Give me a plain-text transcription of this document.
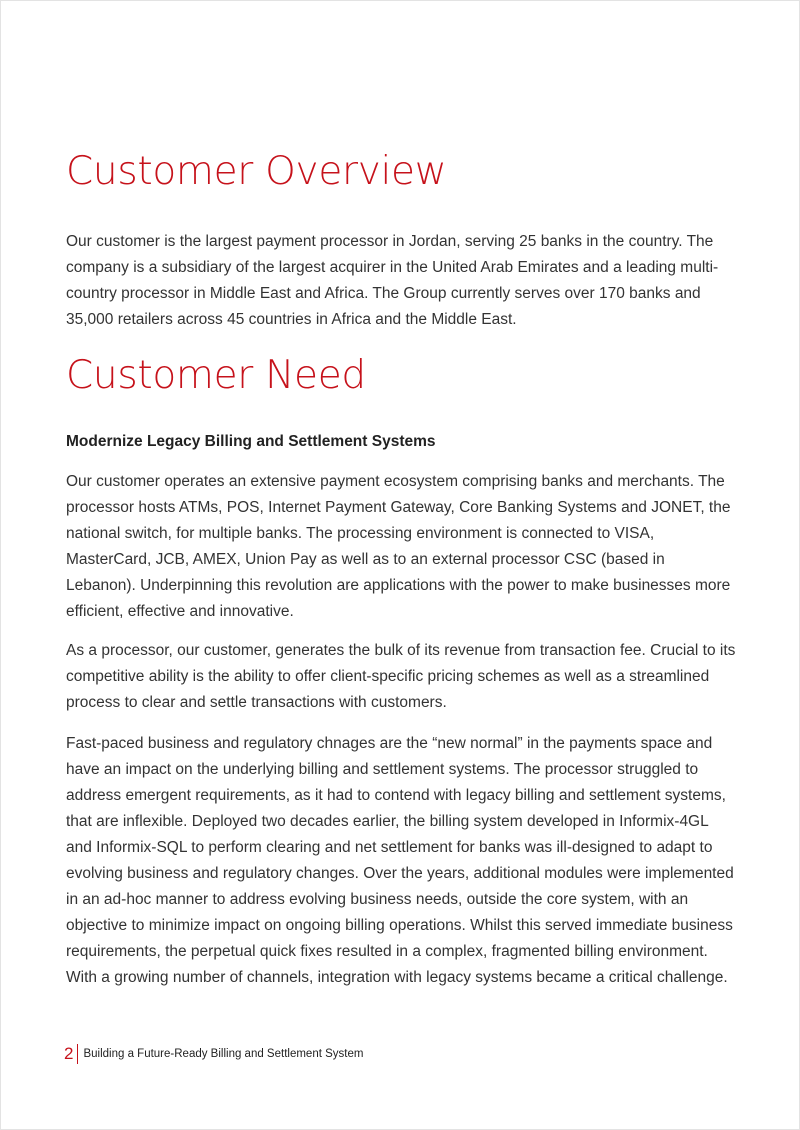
Customer Overview

Our customer is the largest payment processor in Jordan, serving 25 banks in the country. The company is a subsidiary of the largest acquirer in the United Arab Emirates and a leading multi-country processor in Middle East and Africa. The Group currently serves over 170 banks and 35,000 retailers across 45 countries in Africa and the Middle East.

Customer Need
Modernize Legacy Billing and Settlement Systems

Our customer operates an extensive payment ecosystem comprising banks and merchants. The processor hosts ATMs, POS, Internet Payment Gateway, Core Banking Systems and JONET, the national switch, for multiple banks. The processing environment is connected to VISA, MasterCard, JCB, AMEX, Union Pay as well as to an external processor CSC (based in Lebanon). Underpinning this revolution are applications with the power to make businesses more efficient, effective and innovative.

As a processor, our customer, generates the bulk of its revenue from transaction fee. Crucial to its competitive ability is the ability to offer client-specific pricing schemes as well as a streamlined process to clear and settle transactions with customers.

Fast-paced business and regulatory chnages are the “new normal” in the payments space and have an impact on the underlying billing and settlement systems. The processor struggled to address emergent requirements, as it had to contend with legacy billing and settlement systems, that are inflexible. Deployed two decades earlier, the billing system developed in Informix-4GL and Informix-SQL to perform clearing and net settlement for banks was ill-designed to adapt to evolving business and regulatory changes. Over the years, additional modules were implemented in an ad-hoc manner to address evolving business needs, outside the core system, with an objective to minimize impact on ongoing billing operations. Whilst this served immediate business requirements, the perpetual quick fixes resulted in a complex, fragmented billing environment. With a growing number of channels, integration with legacy systems became a critical challenge.

2 Building a Future-Ready Billing and Settlement System
